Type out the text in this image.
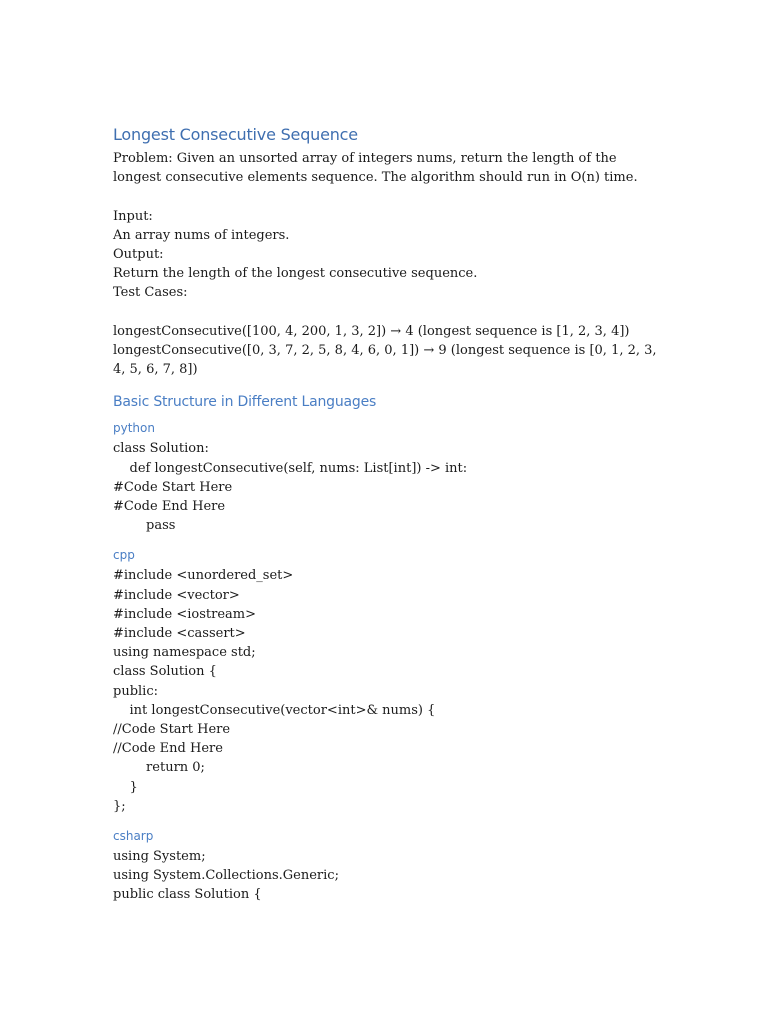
Longest Consecutive Sequence

Problem: Given an unsorted array of integers nums, return the length of the longest consecutive elements sequence. The algorithm should run in O(n) time.

Input:

An array nums of integers.

Output:

Return the length of the longest consecutive sequence.

Test Cases:

longestConsecutive([100, 4, 200, 1, 3, 2]) → 4 (longest sequence is [1, 2, 3, 4])

longestConsecutive([0, 3, 7, 2, 5, 8, 4, 6, 0, 1]) → 9 (longest sequence is [0, 1, 2, 3, 4, 5, 6, 7, 8])

Basic Structure in Different Languages
python
class Solution:
def longestConsecutive(self, nums: List[int]) -> int:
#Code Start Here
#Code End Here
pass
cpp
#include <unordered_set>
#include <vector>
#include <iostream>
#include <cassert>
using namespace std;
class Solution {
public:
int longestConsecutive(vector<int>& nums) {
//Code Start Here
//Code End Here
return 0;
}
};
csharp
using System;
using System.Collections.Generic;
public class Solution {
